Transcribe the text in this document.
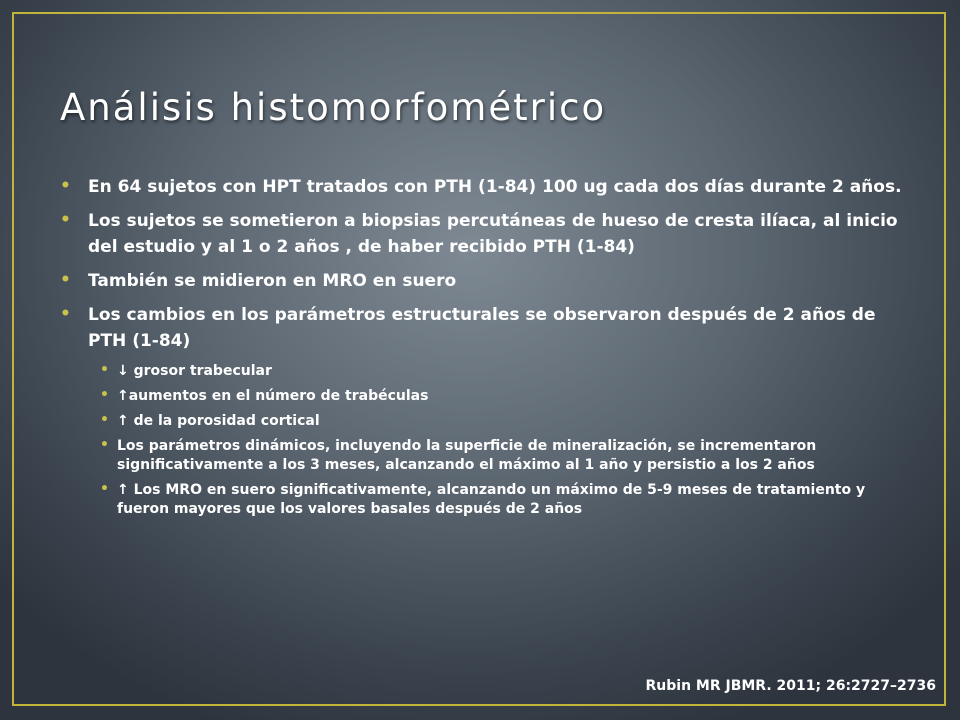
Análisis histomorfométrico
• En 64 sujetos con HPT tratados con PTH (1-84) 100 ug cada dos días durante 2 años.
• Los sujetos se sometieron a biopsias percutáneas de hueso de cresta ilíaca, al inicio del estudio y al 1 o 2 años , de haber recibido PTH (1-84)
• También se midieron en MRO en suero
• Los cambios en los parámetros estructurales se observaron después de 2 años de PTH (1-84)
• ↓ grosor trabecular
• ↑aumentos en el número de trabéculas
• ↑ de la porosidad cortical
• Los parámetros dinámicos, incluyendo la superficie de mineralización, se incrementaron significativamente a los 3 meses, alcanzando el máximo al 1 año y persistio a los 2 años
• ↑ Los MRO en suero significativamente, alcanzando un máximo de 5-9 meses de tratamiento y fueron mayores que los valores basales después de 2 años

Rubin MR JBMR. 2011; 26:2727–2736
